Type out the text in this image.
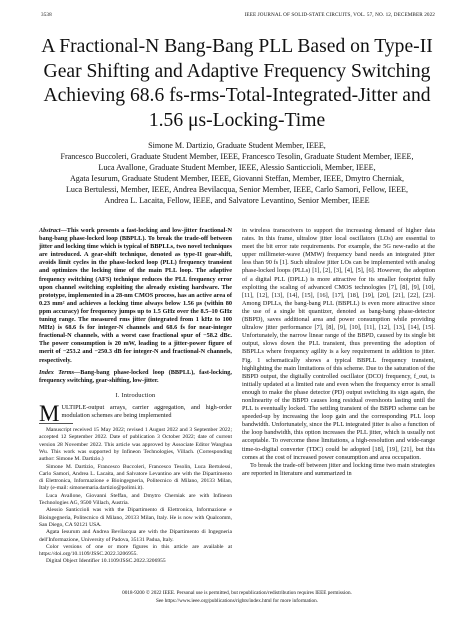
3538	IEEE JOURNAL OF SOLID-STATE CIRCUITS, VOL. 57, NO. 12, DECEMBER 2022

A Fractional-N Bang-Bang PLL Based on Type-II

Gear Shifting and Adaptive Frequency Switching

Achieving 68.6 fs-rms-Total-Integrated-Jitter and

1.56 μs-Locking-Time

Simone M. Dartizio, Graduate Student Member, IEEE,

Francesco Buccoleri, Graduate Student Member, IEEE, Francesco Tesolin, Graduate Student Member, IEEE,

Luca Avallone, Graduate Student Member, IEEE, Alessio Santiccioli, Member, IEEE,

Agata Iesurum, Graduate Student Member, IEEE, Giovanni Steffan, Member, IEEE, Dmytro Cherniak,

Luca Bertulessi, Member, IEEE, Andrea Bevilacqua, Senior Member, IEEE, Carlo Samori, Fellow, IEEE,

Andrea L. Lacaita, Fellow, IEEE, and Salvatore Levantino, Senior Member, IEEE

Abstract—This work presents a fast-locking and low-jitter fractional-N bang-bang phase-locked loop (BBPLL). To break the trade-off between jitter and locking time which is typical of BBPLLs, two novel techniques are introduced. A gear-shift technique, denoted as type-II gear-shift, avoids limit cycles in the phase-locked loop (PLL) frequency transient and optimizes the locking time of the main PLL loop. The adaptive frequency switching (AFS) technique reduces the PLL frequency error upon channel switching exploiting the already existing hardware. The prototype, implemented in a 28-nm CMOS process, has an active area of 0.23 mm² and achieves a locking time always below 1.56 μs (within 80 ppm accuracy) for frequency jumps up to 1.5 GHz over the 8.5–10 GHz tuning range. The measured rms jitter (integrated from 1 kHz to 100 MHz) is 68.6 fs for integer-N channels and 68.6 fs for near-integer fractional-N channels, with a worst case fractional spur of −58.2 dBc. The power consumption is 20 mW, leading to a jitter-power figure of merit of −253.2 and −250.3 dB for integer-N and fractional-N channels, respectively.

Index Terms—Bang-bang phase-locked loop (BBPLL), fast-locking, frequency switching, gear-shifting, low-jitter.

I. Introduction

MULTIPLE-output arrays, carrier aggregation, and high-order modulation schemes are being implemented

Manuscript received 15 May 2022; revised 1 August 2022 and 3 September 2022; accepted 12 September 2022. Date of publication 3 October 2022; date of current version 28 November 2022. This article was approved by Associate Editor Wanghua Wu. This work was supported by Infineon Technologies, Villach. (Corresponding author: Simone M. Dartizio.)

Simone M. Dartizio, Francesco Buccoleri, Francesco Tesolin, Luca Bertulessi, Carlo Samori, Andrea L. Lacaita, and Salvatore Levantino are with the Dipartimento di Elettronica, Informazione e Bioingegneria, Politecnico di Milano, 20133 Milan, Italy (e-mail: simonemaria.dartizio@polimi.it).

Luca Avallone, Giovanni Steffan, and Dmytro Cherniak are with Infineon Technologies AG, 9500 Villach, Austria.

Alessio Santiccioli was with the Dipartimento di Elettronica, Informazione e Bioingegneria, Politecnico di Milano, 20133 Milan, Italy. He is now with Qualcomm, San Diego, CA 92121 USA.

Agata Iesurum and Andrea Bevilacqua are with the Dipartimento di Ingegneria dell'Informazione, University of Padova, 35131 Padua, Italy.

Color versions of one or more figures in this article are available at https://doi.org/10.1109/JSSC.2022.3206955.

Digital Object Identifier 10.1109/JSSC.2022.3206955

in wireless transceivers to support the increasing demand of higher data rates. In this frame, ultralow jitter local oscillators (LOs) are essential to meet the bit error rate requirements. For example, the 5G new-radio at the upper millimeter-wave (MMW) frequency band needs an integrated jitter less than 90 fs [1]. Such ultralow jitter LOs can be implemented with analog phase-locked loops (PLLs) [1], [2], [3], [4], [5], [6]. However, the adoption of a digital PLL (DPLL) is more attractive for its smaller footprint fully exploiting the scaling of advanced CMOS technologies [7], [8], [9], [10], [11], [12], [13], [14], [15], [16], [17], [18], [19], [20], [21], [22], [23]. Among DPLLs, the bang-bang PLL (BBPLL) is even more attractive since the use of a single bit quantizer, denoted as bang-bang phase-detector (BBPD), saves additional area and power consumption while providing ultralow jitter performance [7], [8], [9], [10], [11], [12], [13], [14], [15]. Unfortunately, the narrow linear range of the BBPD, caused by its single bit output, slows down the PLL transient, thus preventing the adoption of BBPLLs where frequency agility is a key requirement in addition to jitter. Fig. 1 schematically shows a typical BBPLL frequency transient, highlighting the main limitations of this scheme. Due to the saturation of the BBPD output, the digitally controlled oscillator (DCO) frequency, f_out, is initially updated at a limited rate and even when the frequency error is small enough to make the phase detector (PD) output switching its sign again, the nonlinearity of the BBPD causes long residual overshoots lasting until the PLL is eventually locked. The settling transient of the BBPD scheme can be speeded-up by increasing the loop gain and the corresponding PLL loop bandwidth. Unfortunately, since the PLL integrated jitter is also a function of the loop bandwidth, this option increases the PLL jitter, which is usually not acceptable. To overcome these limitations, a high-resolution and wide-range time-to-digital converter (TDC) could be adopted [18], [19], [21], but this comes at the cost of increased power consumption and area occupation.

To break the trade-off between jitter and locking time two main strategies are reported in literature and summarized in

0018-9200 © 2022 IEEE. Personal use is permitted, but republication/redistribution requires IEEE permission.

See https://www.ieee.org/publications/rights/index.html for more information.
